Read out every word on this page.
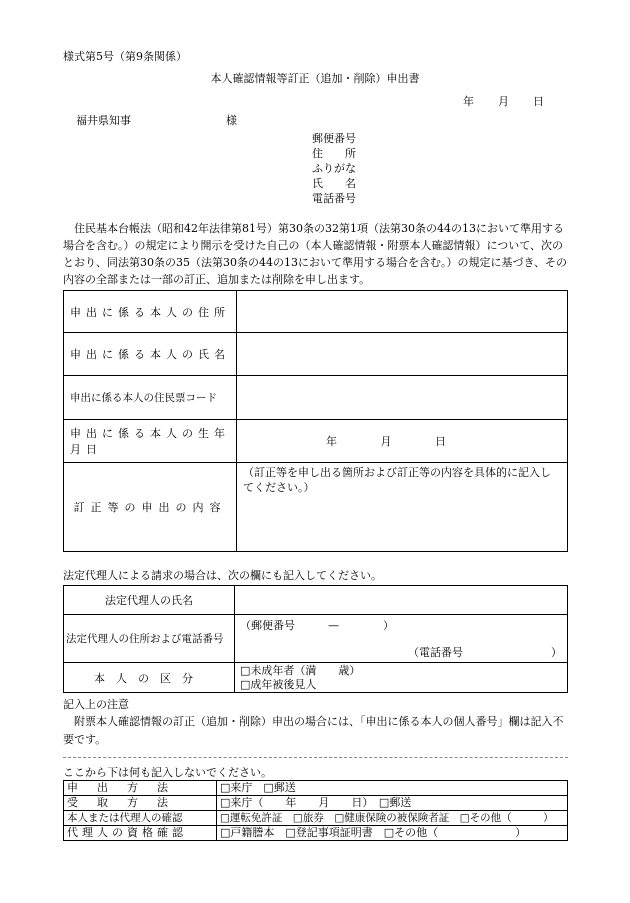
様式第5号（第9条関係）
本人確認情報等訂正（追加・削除）申出書
年 月 日
福井県知事	様
郵便番号
住　　所
ふりがな
氏　　名
電話番号
住民基本台帳法（昭和42年法律第81号）第30条の32第1項（法第30条の44の13において準用する場合を含む。）の規定により開示を受けた自己の（本人確認情報・附票本人確認情報）について、次のとおり、同法第30条の35（法第30条の44の13において準用する場合を含む。）の規定に基づき、その内容の全部または一部の訂正、追加または削除を申し出ます。
申出に係る本人の住所	
申出に係る本人の氏名	
申出に係る本人の住民票コード	
申出に係る本人の生年月日	年 月 日
訂正等の申出の内容	（訂正等を申し出る箇所および訂正等の内容を具体的に記入してください。）
法定代理人による請求の場合は、次の欄にも記入してください。
法定代理人の氏名	
法定代理人の住所および電話番号	（郵便番号　　　—　　　　）
（電話番号　　　　　　　　）

本人の区分	□未成年者（満　　歳）
□成年被後見人
記入上の注意
附票本人確認情報の訂正（追加・削除）申出の場合には、「申出に係る本人の個人番号」欄は記入不要です。
ここから下は何も記入しないでください。
申出方法	□来庁　□郵送
受取方法	□来庁（　　年　　月　　日）　□郵送
本人または代理人の確認	□運転免許証　□旅券　□健康保険の被保険者証　□その他（　　　）
代理人の資格確認	□戸籍謄本　□登記事項証明書　□その他（　　　　　　　）
